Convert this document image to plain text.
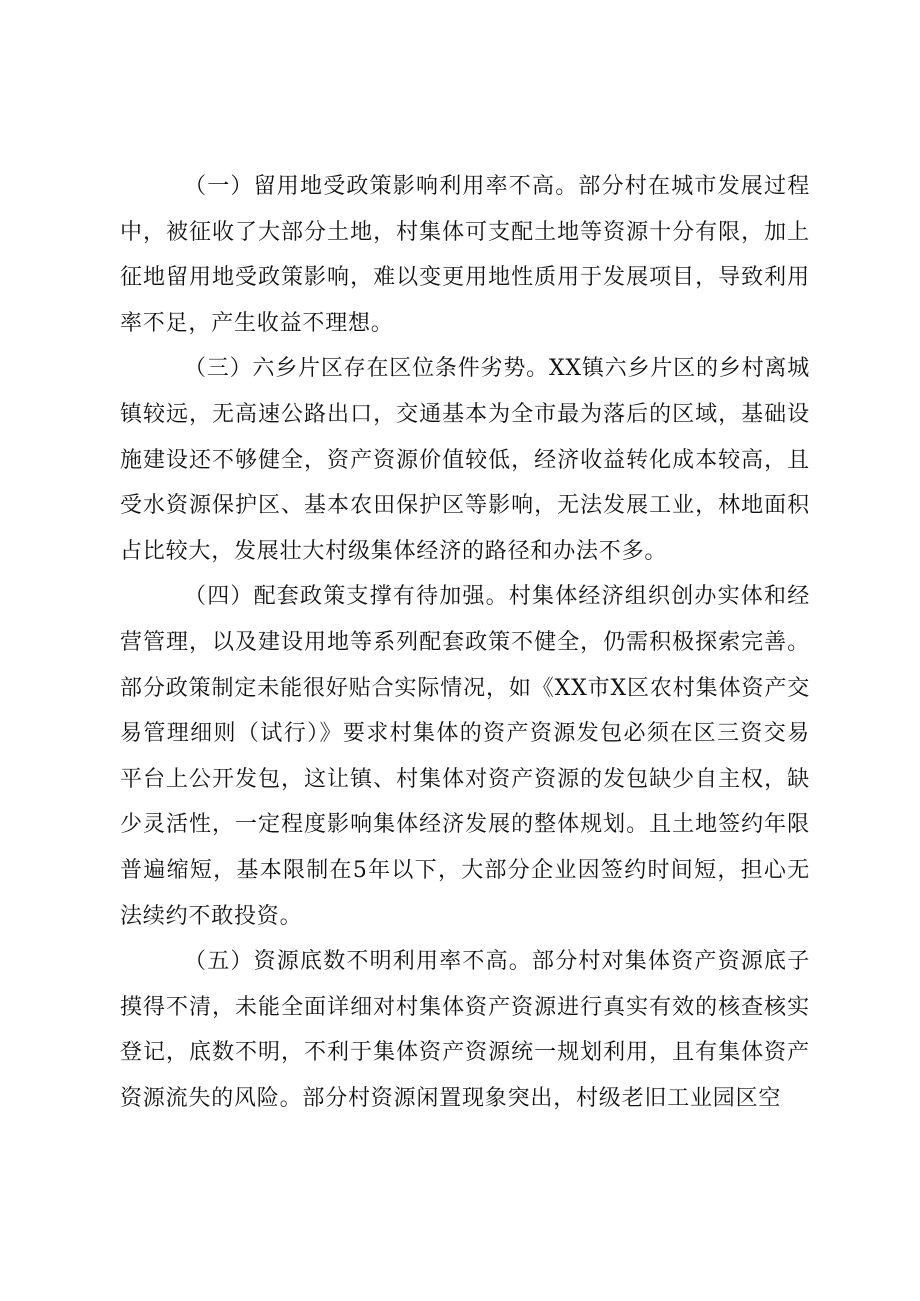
（一）留用地受政策影响利用率不高。部分村在城市发展过程中，被征收了大部分土地，村集体可支配土地等资源十分有限，加上征地留用地受政策影响，难以变更用地性质用于发展项目，导致利用率不足，产生收益不理想。

（三）六乡片区存在区位条件劣势。XX镇六乡片区的乡村离城镇较远，无高速公路出口，交通基本为全市最为落后的区域，基础设施建设还不够健全，资产资源价值较低，经济收益转化成本较高，且受水资源保护区、基本农田保护区等影响，无法发展工业，林地面积占比较大，发展壮大村级集体经济的路径和办法不多。

（四）配套政策支撑有待加强。村集体经济组织创办实体和经营管理，以及建设用地等系列配套政策不健全，仍需积极探索完善。部分政策制定未能很好贴合实际情况，如《XX市X区农村集体资产交易管理细则（试行）》要求村集体的资产资源发包必须在区三资交易平台上公开发包，这让镇、村集体对资产资源的发包缺少自主权，缺少灵活性，一定程度影响集体经济发展的整体规划。且土地签约年限普遍缩短，基本限制在5年以下，大部分企业因签约时间短，担心无法续约不敢投资。

（五）资源底数不明利用率不高。部分村对集体资产资源底子摸得不清，未能全面详细对村集体资产资源进行真实有效的核查核实登记，底数不明，不利于集体资产资源统一规划利用，且有集体资产资源流失的风险。部分村资源闲置现象突出，村级老旧工业园区空
